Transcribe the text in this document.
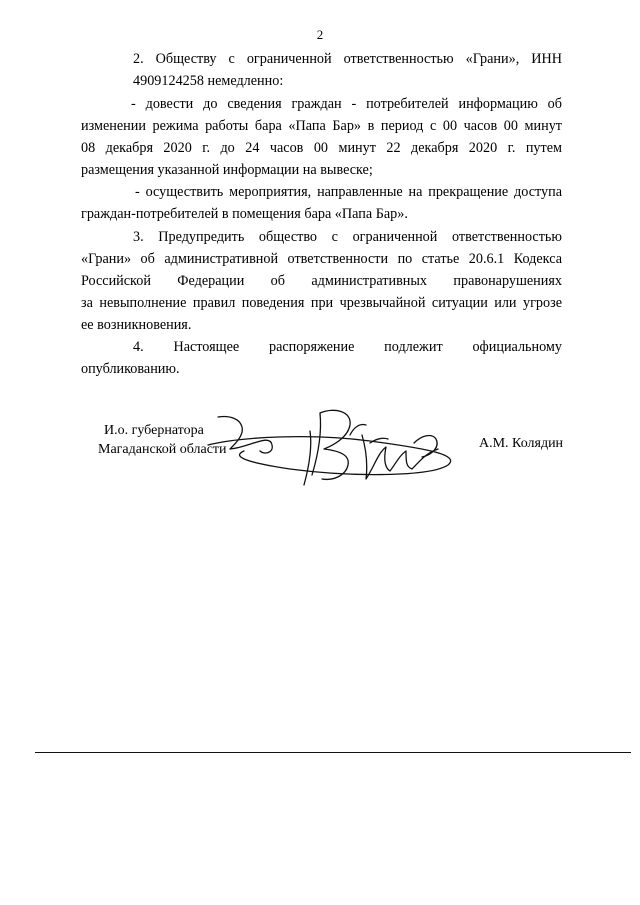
2
2. Обществу с ограниченной ответственностью «Грани», ИНН
4909124258 немедленно:
- довести до сведения граждан - потребителей информацию об
изменении режима работы бара «Папа Бар» в период с 00 часов 00 минут
08 декабря 2020 г. до 24 часов 00 минут 22 декабря 2020 г. путем
размещения указанной информации на вывеске;
- осуществить мероприятия, направленные на прекращение доступа
граждан-потребителей в помещения бара «Папа Бар».
3. Предупредить общество с ограниченной ответственностью
«Грани» об административной ответственности по статье 20.6.1 Кодекса
Российской Федерации об административных правонарушениях
за невыполнение правил поведения при чрезвычайной ситуации или угрозе
ее возникновения.
4. Настоящее распоряжение подлежит официальному
опубликованию.
И.о. губернатора
Магаданской области	А.М. Колядин
